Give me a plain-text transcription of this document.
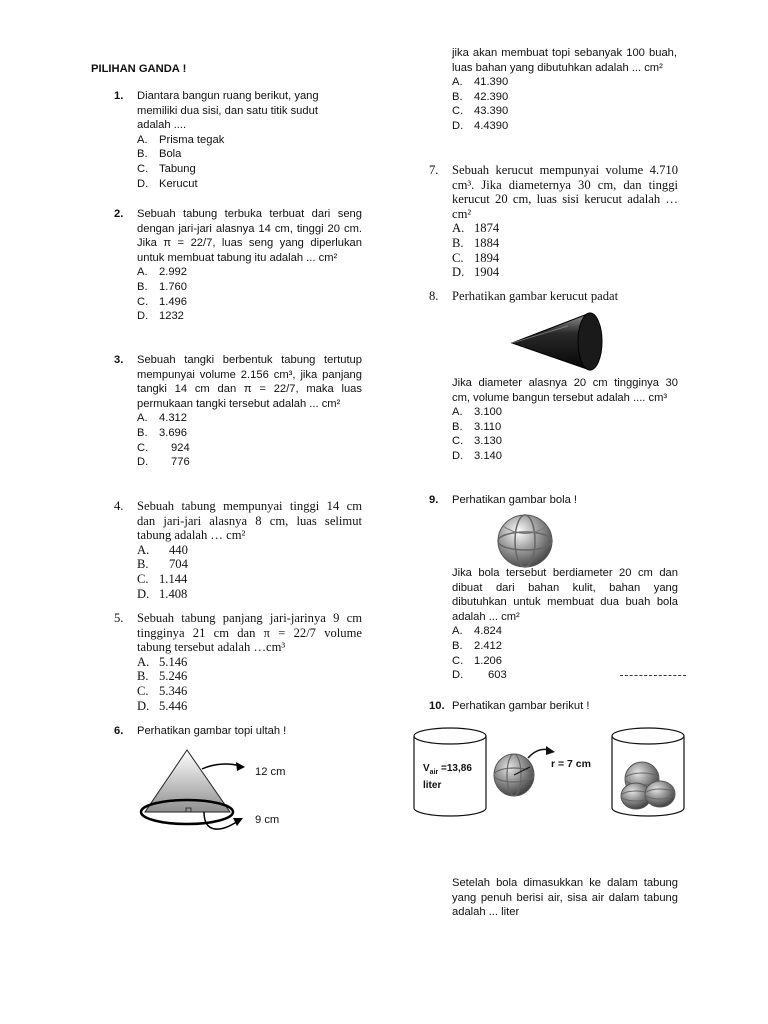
PILIHAN GANDA !
1. Diantara bangun ruang berikut, yang memiliki dua sisi, dan satu titik sudut adalah ....
A.	Prisma tegak
B.	Bola
C. Tabung
D. Kerucut
2. Sebuah tabung terbuka terbuat dari seng dengan jari-jari alasnya 14 cm, tinggi 20 cm. Jika π = 22/7, luas seng yang diperlukan untuk membuat tabung itu adalah ... cm²
A.	2.992
B.	1.760
C. 1.496
D. 1232
3. Sebuah tangki berbentuk tabung tertutup mempunyai volume 2.156 cm³, jika panjang tangki 14 cm dan π = 22/7, maka luas permukaan tangki tersebut adalah ... cm²
A.	4.312
B.	3.696
C.	924
D.	776
4. Sebuah tabung mempunyai tinggi 14 cm dan jari-jari alasnya 8 cm, luas selimut tabung adalah … cm²
A.	440
B.	704
C. 1.144
D. 1.408
5. Sebuah tabung panjang jari-jarinya 9 cm tingginya 21 cm dan π = 22/7 volume tabung tersebut adalah …cm³
A. 5.146
B. 5.246
C. 5.346
D. 5.446
6. Perhatikan gambar topi ultah !
12 cm
9 cm
jika akan membuat topi sebanyak 100 buah, luas bahan yang dibutuhkan adalah ... cm²
A.	41.390
B.	42.390
C. 43.390
D. 4.4390
7. Sebuah kerucut mempunyai volume 4.710 cm³. Jika diameternya 30 cm, dan tinggi kerucut 20 cm, luas sisi kerucut adalah … cm²
A. 1874
B. 1884
C. 1894
D. 1904
8. Perhatikan gambar kerucut padat
Jika diameter alasnya 20 cm tingginya 30 cm, volume bangun tersebut adalah .... cm³
A.	3.100
B.	3.110
C. 3.130
D. 3.140
9. Perhatikan gambar bola !
Jika bola tersebut berdiameter 20 cm dan dibuat dari bahan kulit, bahan yang dibutuhkan untuk membuat dua buah bola adalah ... cm²
A.	4.824
B.	2.412
C. 1.206
D.	603
10. Perhatikan gambar berikut !
$V_{air} =13,86$
liter
r = 7 cm
Setelah bola dimasukkan ke dalam tabung yang penuh berisi air, sisa air dalam tabung adalah ... liter
